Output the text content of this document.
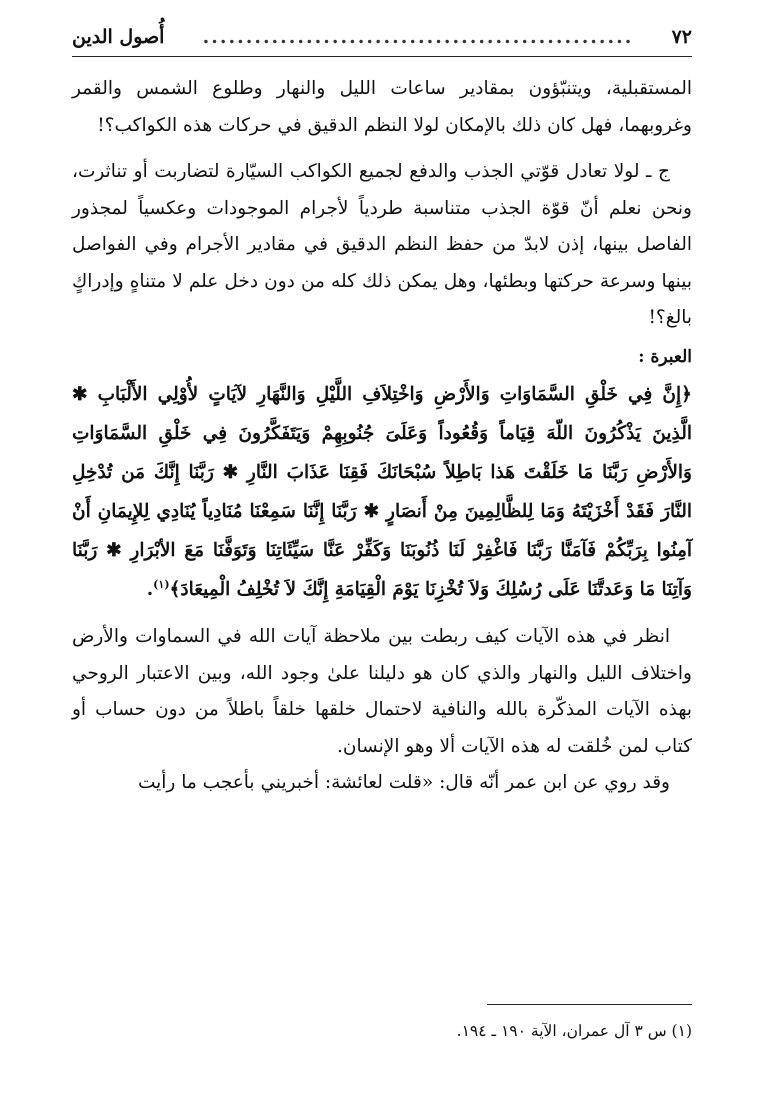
٧٢
..................................................
أُصول الدين

المستقبلية، ويتنبّؤون بمقادير ساعات الليل والنهار وطلوع الشمس والقمر وغروبهما، فهل كان ذلك بالإمكان لولا النظم الدقيق في حركات هذه الكواكب؟!

ج ـ لولا تعادل قوّتي الجذب والدفع لجميع الكواكب السيّارة لتضاربت أو تناثرت، ونحن نعلم أنّ قوّة الجذب متناسبة طردياً لأجرام الموجودات وعكسياً لمجذور الفاصل بينها، إذن لابدّ من حفظ النظم الدقيق في مقادير الأجرام وفي الفواصل بينها وسرعة حركتها وبطئها، وهل يمكن ذلك كله من دون دخل علم لا متناهٍ وإدراكٍ بالغ؟!

العبرة :

﴿إِنَّ فِي خَلْقِ السَّمَاوَاتِ وَالأَرْضِ وَاخْتِلاَفِ اللَّيْلِ وَالنَّهَارِ لآيَاتٍ لأُوْلِي الأَلْبَابِ ✱ الَّذِينَ يَذْكُرُونَ اللّهَ قِيَاماً وَقُعُوداً وَعَلَىَ جُنُوبِهِمْ وَيَتَفَكَّرُونَ فِي خَلْقِ السَّمَاوَاتِ وَالأَرْضِ رَبَّنَا مَا خَلَقْتَ هَذا بَاطِلاً سُبْحَانَكَ فَقِنَا عَذَابَ النَّارِ ✱ رَبَّنَا إِنَّكَ مَن تُدْخِلِ النَّارَ فَقَدْ أَخْزَيْتَهُ وَمَا لِلظَّالِمِينَ مِنْ أَنصَارٍ ✱ رَبَّنَا إِنَّنَا سَمِعْنَا مُنَادِياً يُنَادِي لِلإِيمَانِ أَنْ آمِنُوا بِرَبِّكُمْ فَآمَنَّا رَبَّنَا فَاغْفِرْ لَنَا ذُنُوبَنَا وَكَفِّرْ عَنَّا سَيِّئَاتِنَا وَتَوَفَّنَا مَعَ الأبْرَارِ ✱ رَبَّنَا وَآتِنَا مَا وَعَدتَّنَا عَلَى رُسُلِكَ وَلاَ تُخْزِنَا يَوْمَ الْقِيَامَةِ إِنَّكَ لاَ تُخْلِفُ الْمِيعَادَ﴾$^{(١)}$.

انظر في هذه الآيات كيف ربطت بين ملاحظة آيات الله في السماوات والأرض واختلاف الليل والنهار والذي كان هو دليلنا علىٰ وجود الله، وبين الاعتبار الروحي بهذه الآيات المذكّرة بالله والنافية لاحتمال خلقها خلقاً باطلاً من دون حساب أو كتاب لمن خُلقت له هذه الآيات ألا وهو الإنسان.

وقد روي عن ابن عمر أنّه قال: «قلت لعائشة: أخبريني بأعجب ما رأيت

(١) س ٣ آل عمران، الآية ١٩٠ ـ ١٩٤.
